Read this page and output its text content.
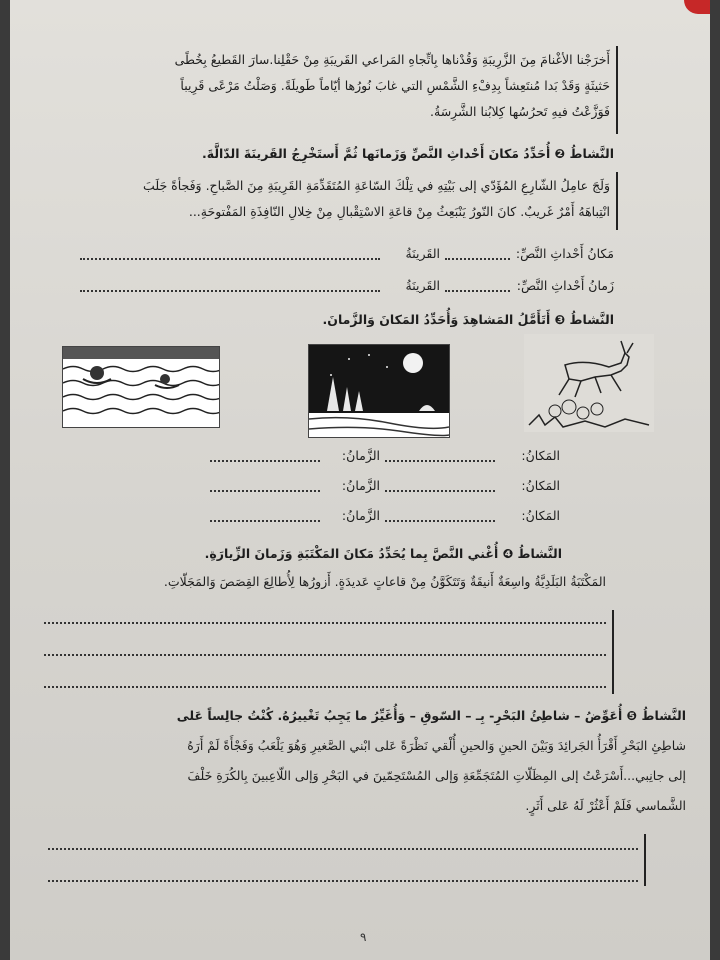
أَخرَجْنا الأغْنامَ مِنَ الزَّرِيبَةِ وَقُدْناها بِاتِّجاهِ المَراعي القَريبَةِ مِنْ حَقْلِنا.سارَ القَطيعُ بِخُطًى
حَثيثَةٍ وَقَدْ بَدا مُنتَعِشاً بِدِفْءِ الشَّمْسِ التي غابَ نُورُها أيّاماً طَويلَةً. وَصَلْتُ مَرْعًى قَرِيباً
فَوَزَّعْتُ فيهِ تَحرُسُها كِلابُنا الشَّرِسَةُ.
النَّشاطُ ❷ أُحَدِّدُ مَكانَ أَحْداثِ النَّصِّ وَزَمانَها ثُمَّ أَستَخْرِجُ القَرينَةَ الدّالَّةَ.
وَلَجَ عامِلُ الشّارِعِ المُؤَدّي إلى بَيْتِهِ في تِلْكَ السّاعَةِ المُتَقَدِّمَةِ القَرِيبَةِ مِنَ الصَّباحِ. وَفَجأةً جَلَبَ
انْتِباهَهُ أَمْرٌ غَريبٌ. كانَ النّورُ يَنْبَعِثُ مِنْ قاعَةِ الاسْتِقْبالِ مِنْ خِلالِ النّافِذَةِ المَفْتوحَةِ...
مَكانُ أَحْداثِ النَّصِّ:
القَرينَةُ
زَمانُ أَحْداثِ النَّصِّ:
القَرينَةُ
النَّشاطُ ❸ أَتَأَمَّلُ المَشاهِدَ وَأُحَدِّدُ المَكانَ وَالزَّمانَ.
المَكانُ:
الزَّمانُ:
المَكانُ:
الزَّمانُ:
المَكانُ:
الزَّمانُ:
النَّشاطُ ❹ أُغْني النَّصَّ بِما يُحَدِّدُ مَكانَ المَكْتَبَةِ وَزَمانَ الزِّيارَةِ.
المَكْتَبَةُ البَلَدِيَّةُ واسِعَةٌ أَنيقَةٌ وَتَتَكَوَّنُ مِنْ قاعاتٍ عَديدَةٍ. أَزورُها لِأُطالِعَ القِصَصَ وَالمَجَلّاتِ.
النَّشاطُ ❺ أُعَوِّضُ – شاطِئُ البَحْرِ- بِـ – السّوقِ – وَأُغَيِّرُ ما يَجِبُ تَغْييرُهُ. كُنْتُ جالِساً عَلى
شاطِئِ البَحْرِ أَقْرَأُ الجَرائِدَ وَبَيْنَ الحينِ وَالحينِ أُلْقي نَظْرَةً عَلى ابْني الصَّغيرِ وَهُوَ يَلْعَبُ وَفَجْأَةً لَمْ أَرَهُ
إلى جانِبي...أَسْرَعْتُ إلى المِظَلّاتِ المُتَجَمِّعَةِ وَإلى المُسْتَحِمّينَ في البَحْرِ وَإلى اللّاعِبينَ بِالكُرَةِ خَلْفَ
الشَّماسي فَلَمْ أَعْثُرْ لَهُ عَلى أَثَرٍ.
٩
